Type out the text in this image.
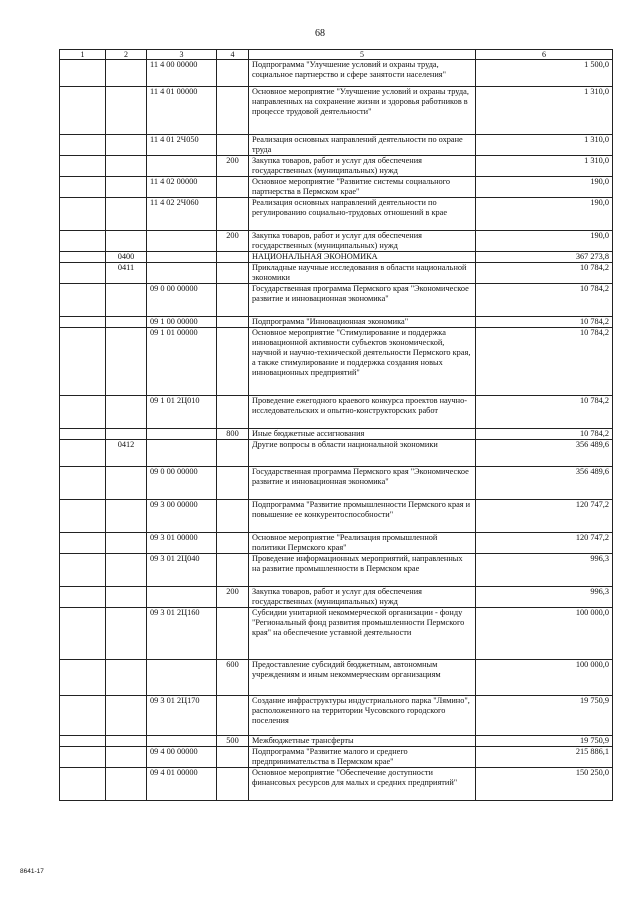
68
1	2	3	4	5	6
		11 4 00 00000		Подпрограмма "Улучшение условий и охраны труда, социальное партнерство и сфере занятости населения"	1 500,0
		11 4 01 00000		Основное мероприятие "Улучшение условий и охраны труда, направленных на сохранение жизни и здоровья работников в процессе трудовой деятельности"	1 310,0
		11 4 01 2Ч050		Реализация основных направлений деятельности по охране труда	1 310,0
			200	Закупка товаров, работ и услуг для обеспечения государственных (муниципальных) нужд	1 310,0
		11 4 02 00000		Основное мероприятие "Развитие системы социального партнерства в Пермском крае"	190,0
		11 4 02 2Ч060		Реализация основных направлений деятельности по регулированию социально-трудовых отношений в крае	190,0
			200	Закупка товаров, работ и услуг для обеспечения государственных (муниципальных) нужд	190,0
	0400			НАЦИОНАЛЬНАЯ ЭКОНОМИКА	367 273,8
	0411			Прикладные научные исследования в области национальной экономики	10 784,2
		09 0 00 00000		Государственная программа Пермского края "Экономическое развитие и инновационная экономика"	10 784,2
		09 1 00 00000		Подпрограмма "Инновационная экономика"	10 784,2
		09 1 01 00000		Основное мероприятие "Стимулирование и поддержка инновационной активности субъектов экономической, научной и научно-технической деятельности Пермского края, а также стимулирование и поддержка создания новых инновационных предприятий"	10 784,2
		09 1 01 2Ц010		Проведение ежегодного краевого конкурса проектов научно-исследовательских и опытно-конструкторских работ	10 784,2
			800	Иные бюджетные ассигнования	10 784,2
	0412			Другие вопросы в области национальной экономики	356 489,6
		09 0 00 00000		Государственная программа Пермского края "Экономическое развитие и инновационная экономика"	356 489,6
		09 3 00 00000		Подпрограмма "Развитие промышленности Пермского края и повышение ее конкурентоспособности"	120 747,2
		09 3 01 00000		Основное мероприятие "Реализация промышленной политики Пермского края"	120 747,2
		09 3 01 2Ц040		Проведение информационных мероприятий, направленных на развитие промышленности в Пермском крае	996,3
			200	Закупка товаров, работ и услуг для обеспечения государственных (муниципальных) нужд	996,3
		09 3 01 2Ц160		Субсидии унитарной некоммерческой организации - фонду "Региональный фонд развития промышленности Пермского края" на обеспечение уставной деятельности	100 000,0
			600	Предоставление субсидий бюджетным, автономным учреждениям и иным некоммерческим организациям	100 000,0
		09 3 01 2Ц170		Создание инфраструктуры индустриального парка "Лямино", расположенного на территории Чусовского городского поселения	19 750,9
			500	Межбюджетные трансферты	19 750,9
		09 4 00 00000		Подпрограмма "Развитие малого и среднего предпринимательства в Пермском крае"	215 886,1
		09 4 01 00000		Основное мероприятие "Обеспечение доступности финансовых ресурсов для малых и средних предприятий"	150 250,0
8641-17
